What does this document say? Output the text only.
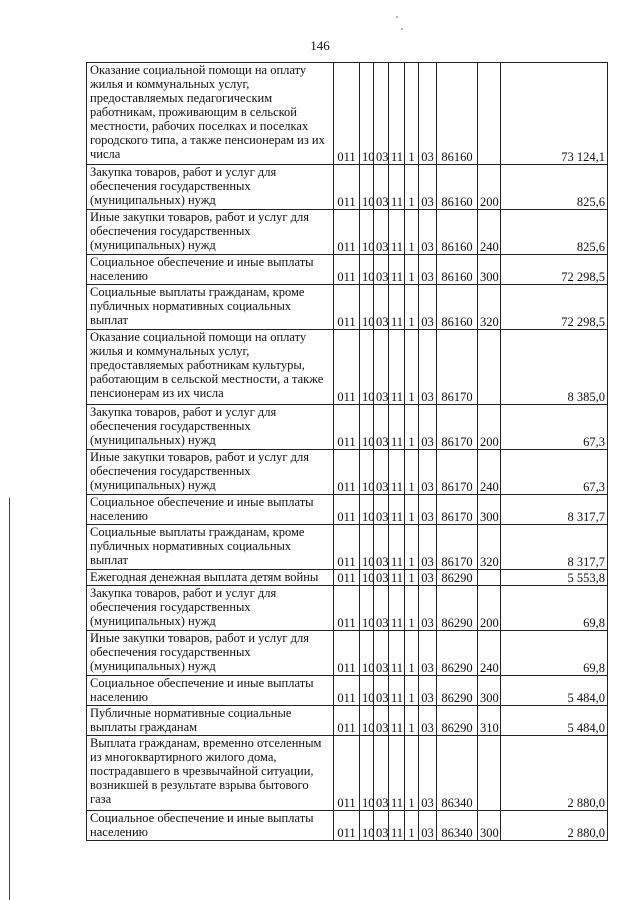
146
Оказание социальной помощи на оплату жилья и коммунальных услуг, предоставляемых педагогическим работникам, проживающим в сельской местности, рабочих поселках и поселках городского типа, а также пенсионерам из их числа	011	10	03	11	1	03	86160		73 124,1
Закупка товаров, работ и услуг для обеспечения государственных (муниципальных) нужд	011	10	03	11	1	03	86160	200	825,6
Иные закупки товаров, работ и услуг для обеспечения государственных (муниципальных) нужд	011	10	03	11	1	03	86160	240	825,6
Социальное обеспечение и иные выплаты населению	011	10	03	11	1	03	86160	300	72 298,5
Социальные выплаты гражданам, кроме публичных нормативных социальных выплат	011	10	03	11	1	03	86160	320	72 298,5
Оказание социальной помощи на оплату жилья и коммунальных услуг, предоставляемых работникам культуры, работающим в сельской местности, а также пенсионерам из их числа	011	10	03	11	1	03	86170		8 385,0
Закупка товаров, работ и услуг для обеспечения государственных (муниципальных) нужд	011	10	03	11	1	03	86170	200	67,3
Иные закупки товаров, работ и услуг для обеспечения государственных (муниципальных) нужд	011	10	03	11	1	03	86170	240	67,3
Социальное обеспечение и иные выплаты населению	011	10	03	11	1	03	86170	300	8 317,7
Социальные выплаты гражданам, кроме публичных нормативных социальных выплат	011	10	03	11	1	03	86170	320	8 317,7
Ежегодная денежная выплата детям войны	011	10	03	11	1	03	86290		5 553,8
Закупка товаров, работ и услуг для обеспечения государственных (муниципальных) нужд	011	10	03	11	1	03	86290	200	69,8
Иные закупки товаров, работ и услуг для обеспечения государственных (муниципальных) нужд	011	10	03	11	1	03	86290	240	69,8
Социальное обеспечение и иные выплаты населению	011	10	03	11	1	03	86290	300	5 484,0
Публичные нормативные социальные выплаты гражданам	011	10	03	11	1	03	86290	310	5 484,0
Выплата гражданам, временно отселенным из многоквартирного жилого дома, пострадавшего в чрезвычайной ситуации, возникшей в результате взрыва бытового газа	011	10	03	11	1	03	86340		2 880,0
Социальное обеспечение и иные выплаты населению	011	10	03	11	1	03	86340	300	2 880,0
